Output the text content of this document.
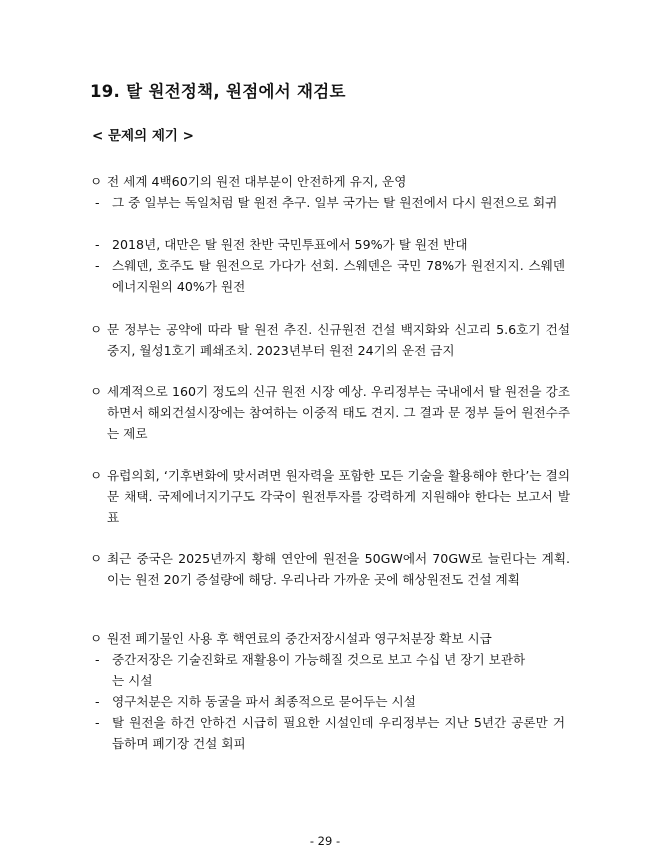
19. 탈 원전정책, 원점에서 재검토
< 문제의 제기 >
ㅇ 전 세계 4백60기의 원전 대부분이 안전하게 유지, 운영
- 그 중 일부는 독일처럼 탈 원전 추구. 일부 국가는 탈 원전에서 다시 원전으로 회귀
- 2018년, 대만은 탈 원전 찬반 국민투표에서 59%가 탈 원전 반대
- 스웨덴, 호주도 탈 원전으로 가다가 선회. 스웨덴은 국민 78%가 원전지지. 스웨덴 에너지원의 40%가 원전
ㅇ 문 정부는 공약에 따라 탈 원전 추진. 신규원전 건설 백지화와 신고리 5.6호기 건설 중지, 월성1호기 폐쇄조치. 2023년부터 원전 24기의 운전 금지
ㅇ 세계적으로 160기 정도의 신규 원전 시장 예상. 우리정부는 국내에서 탈 원전을 강조하면서 해외건설시장에는 참여하는 이중적 태도 견지. 그 결과 문 정부 들어 원전수주는 제로
ㅇ 유럽의회, ‘기후변화에 맞서려면 원자력을 포함한 모든 기술을 활용해야 한다’는 결의문 채택. 국제에너지기구도 각국이 원전투자를 강력하게 지원해야 한다는 보고서 발표
ㅇ 최근 중국은 2025년까지 황해 연안에 원전을 50GW에서 70GW로 늘린다는 계획. 이는 원전 20기 증설량에 해당. 우리나라 가까운 곳에 해상원전도 건설 계획
ㅇ 원전 폐기물인 사용 후 핵연료의 중간저장시설과 영구처분장 확보 시급
- 중간저장은 기술진화로 재활용이 가능해질 것으로 보고 수십 년 장기 보관하는 시설
- 영구처분은 지하 동굴을 파서 최종적으로 묻어두는 시설
- 탈 원전을 하건 안하건 시급히 필요한 시설인데 우리정부는 지난 5년간 공론만 거듭하며 폐기장 건설 회피
- 29 -
